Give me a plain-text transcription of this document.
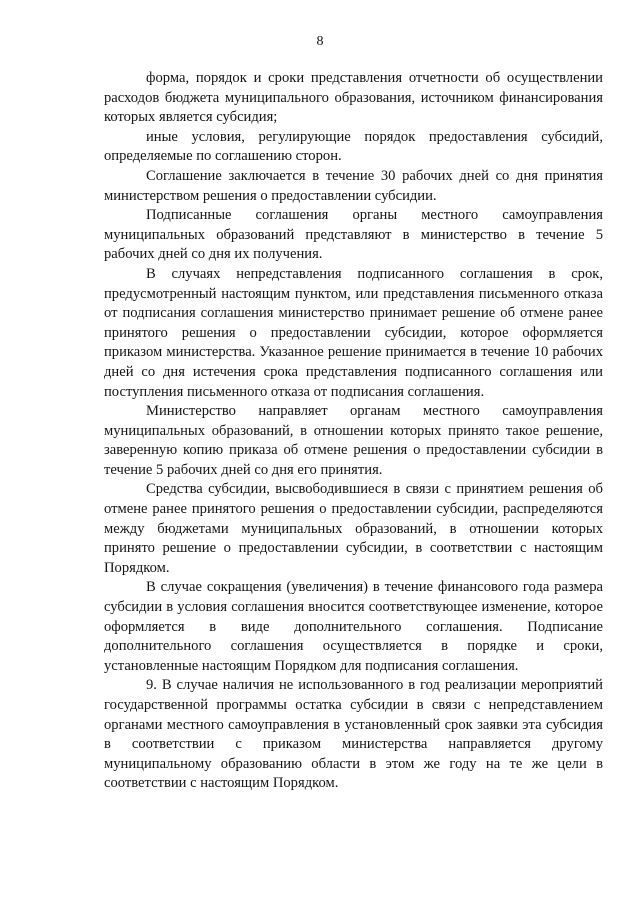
8

форма, порядок и сроки представления отчетности об осуществлении расходов бюджета муниципального образования, источником финансирования которых является субсидия;

иные условия, регулирующие порядок предоставления субсидий, определяемые по соглашению сторон.

Соглашение заключается в течение 30 рабочих дней со дня принятия министерством решения о предоставлении субсидии.

Подписанные соглашения органы местного самоуправления муниципальных образований представляют в министерство в течение 5 рабочих дней со дня их получения.

В случаях непредставления подписанного соглашения в срок, предусмотренный настоящим пунктом, или представления письменного отказа от подписания соглашения министерство принимает решение об отмене ранее принятого решения о предоставлении субсидии, которое оформляется приказом министерства. Указанное решение принимается в течение 10 рабочих дней со дня истечения срока представления подписанного соглашения или поступления письменного отказа от подписания соглашения.

Министерство направляет органам местного самоуправления муниципальных образований, в отношении которых принято такое решение, заверенную копию приказа об отмене решения о предоставлении субсидии в течение 5 рабочих дней со дня его принятия.

Средства субсидии, высвободившиеся в связи с принятием решения об отмене ранее принятого решения о предоставлении субсидии, распределяются между бюджетами муниципальных образований, в отношении которых принято решение о предоставлении субсидии, в соответствии с настоящим Порядком.

В случае сокращения (увеличения) в течение финансового года размера субсидии в условия соглашения вносится соответствующее изменение, которое оформляется в виде дополнительного соглашения. Подписание дополнительного соглашения осуществляется в порядке и сроки, установленные настоящим Порядком для подписания соглашения.

9. В случае наличия не использованного в год реализации мероприятий государственной программы остатка субсидии в связи с непредставлением органами местного самоуправления в установленный срок заявки эта субсидия в соответствии с приказом министерства направляется другому муниципальному образованию области в этом же году на те же цели в соответствии с настоящим Порядком.
